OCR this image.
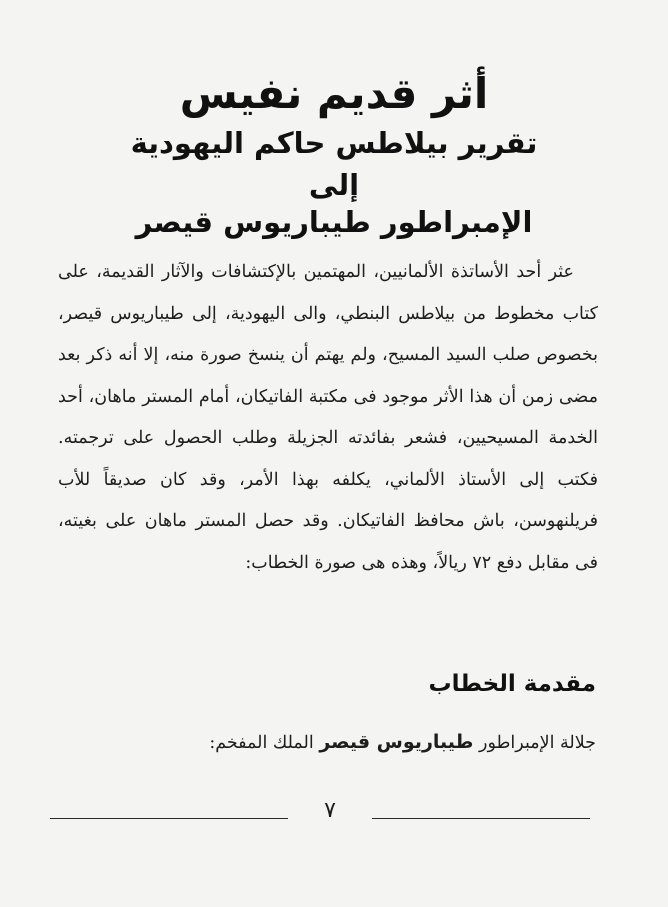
أثر قديم نفيس
تقرير بيلاطس حاكم اليهودية
إلى
الإمبراطور طيباريوس قيصر

عثر أحد الأساتذة الألمانيين، المهتمين بالإكتشافات والآثار القديمة، على كتاب مخطوط من بيلاطس البنطي، والى اليهودية، إلى طيباريوس قيصر، بخصوص صلب السيد المسيح، ولم يهتم أن ينسخ صورة منه، إلا أنه ذكر بعد مضى زمن أن هذا الأثر موجود فى مكتبة الفاتيكان، أمام المستر ماهان، أحد الخدمة المسيحيين، فشعر بفائدته الجزيلة وطلب الحصول على ترجمته. فكتب إلى الأستاذ الألماني، يكلفه بهذا الأمر، وقد كان صديقاً للأب فريلنهوسن، باش محافظ الفاتيكان. وقد حصل المستر ماهان على بغيته، فى مقابل دفع ٧٢ ريالاً، وهذه هى صورة الخطاب:

مقدمة الخطاب
جلالة الإمبراطور طيباريوس قيصر الملك المفخم:
٧
